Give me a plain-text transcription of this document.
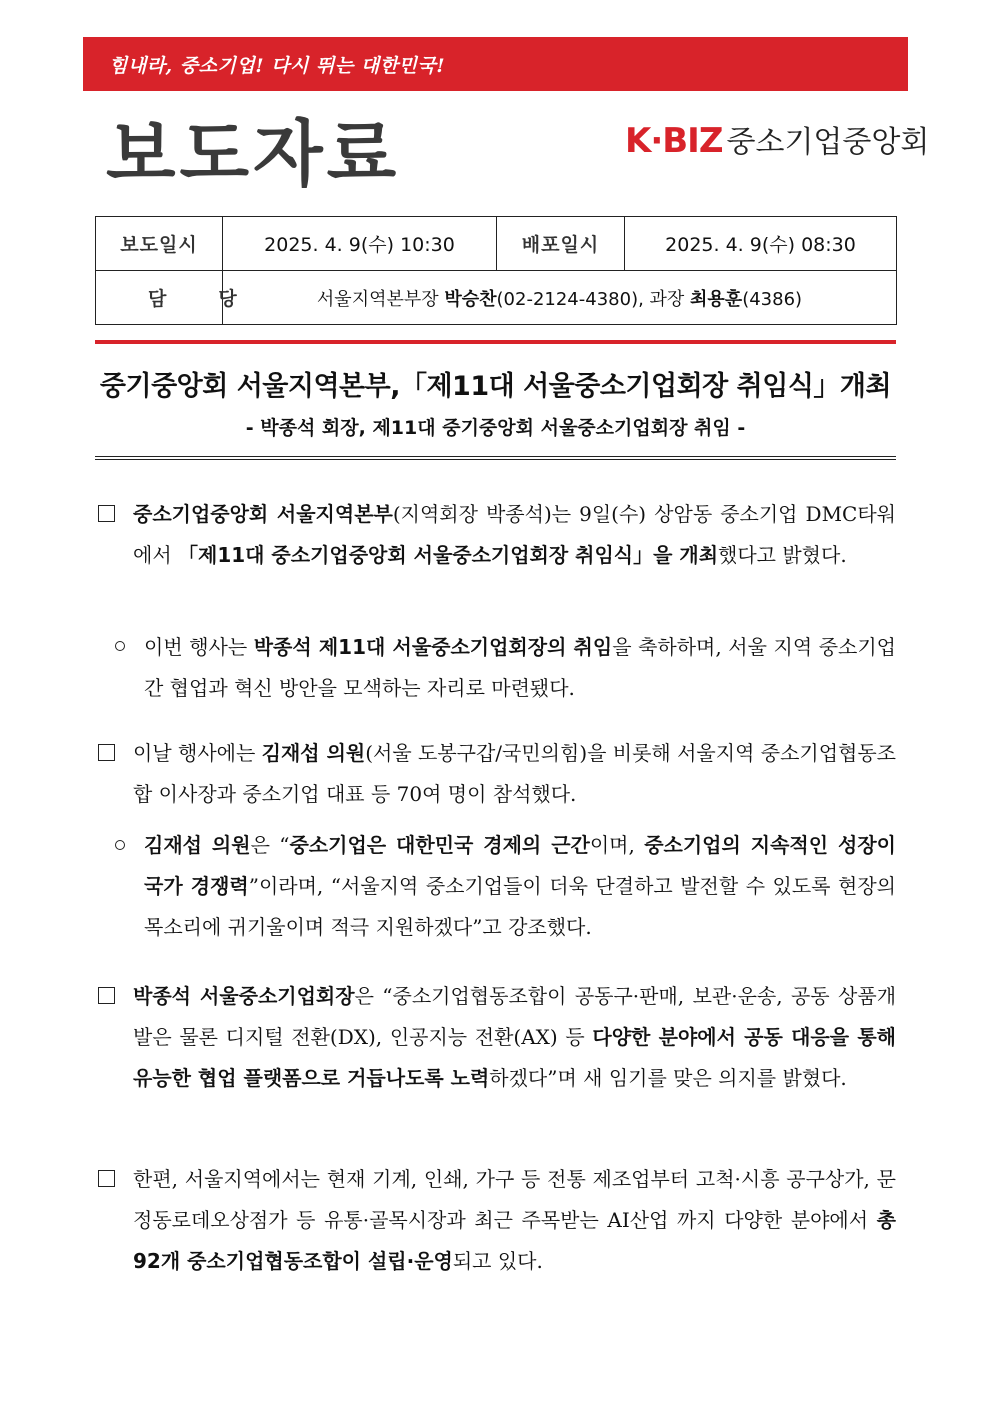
힘내라, 중소기업! 다시 뛰는 대한민국!
보도자료	K·BIZ 중소기업중앙회
보도일시	2025. 4. 9(수) 10:30	배포일시	2025. 4. 9(수) 08:30
담당	서울지역본부장 박승찬(02-2124-4380), 과장 최용훈(4386)		
중기중앙회 서울지역본부,「제11대 서울중소기업회장 취임식」개최
- 박종석 회장, 제11대 중기중앙회 서울중소기업회장 취임 -
중소기업중앙회 서울지역본부(지역회장 박종석)는 9일(수) 상암동 중소기업 DMC타워에서 「제11대 중소기업중앙회 서울중소기업회장 취임식」을 개최했다고 밝혔다.
이번 행사는 박종석 제11대 서울중소기업회장의 취임을 축하하며, 서울 지역 중소기업 간 협업과 혁신 방안을 모색하는 자리로 마련됐다.
이날 행사에는 김재섭 의원(서울 도봉구갑/국민의힘)을 비롯해 서울지역 중소기업협동조합 이사장과 중소기업 대표 등 70여 명이 참석했다.
김재섭 의원은 “중소기업은 대한민국 경제의 근간이며, 중소기업의 지속적인 성장이 국가 경쟁력”이라며, “서울지역 중소기업들이 더욱 단결하고 발전할 수 있도록 현장의 목소리에 귀기울이며 적극 지원하겠다”고 강조했다.
박종석 서울중소기업회장은 “중소기업협동조합이 공동구·판매, 보관·운송, 공동 상품개발은 물론 디지털 전환(DX), 인공지능 전환(AX) 등 다양한 분야에서 공동 대응을 통해 유능한 협업 플랫폼으로 거듭나도록 노력하겠다”며 새 임기를 맞은 의지를 밝혔다.
한편, 서울지역에서는 현재 기계, 인쇄, 가구 등 전통 제조업부터 고척·시흥 공구상가, 문정동로데오상점가 등 유통·골목시장과 최근 주목받는 AI산업 까지 다양한 분야에서 총 92개 중소기업협동조합이 설립·운영되고 있다.
